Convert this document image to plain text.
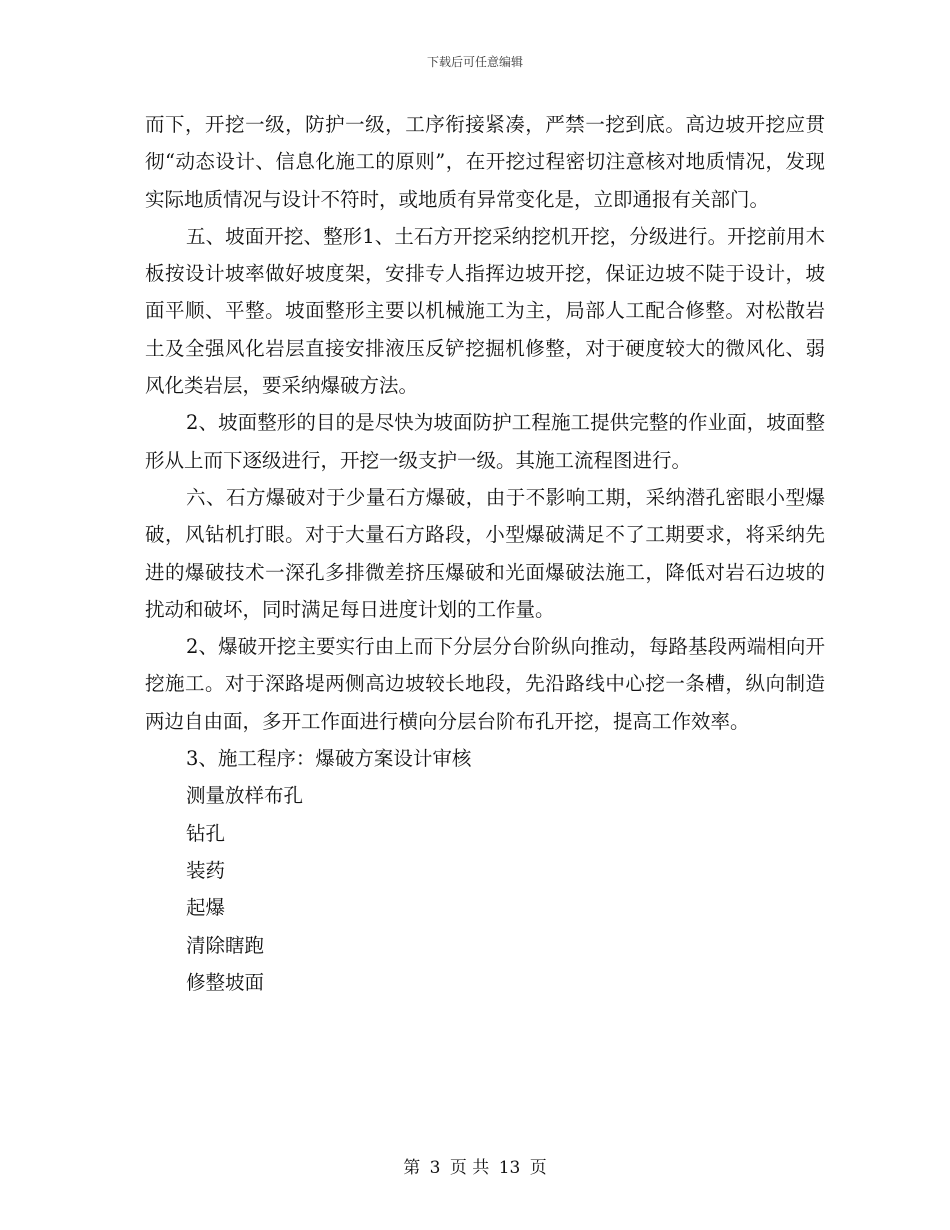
下载后可任意编辑

而下，开挖一级，防护一级，工序衔接紧凑，严禁一挖到底。高边坡开挖应贯彻“动态设计、信息化施工的原则”，在开挖过程密切注意核对地质情况，发现实际地质情况与设计不符时，或地质有异常变化是，立即通报有关部门。

五、坡面开挖、整形1、土石方开挖采纳挖机开挖，分级进行。开挖前用木板按设计坡率做好坡度架，安排专人指挥边坡开挖，保证边坡不陡于设计，坡面平顺、平整。坡面整形主要以机械施工为主，局部人工配合修整。对松散岩土及全强风化岩层直接安排液压反铲挖掘机修整，对于硬度较大的微风化、弱风化类岩层，要采纳爆破方法。

2、坡面整形的目的是尽快为坡面防护工程施工提供完整的作业面，坡面整形从上而下逐级进行，开挖一级支护一级。其施工流程图进行。

六、石方爆破对于少量石方爆破，由于不影响工期，采纳潜孔密眼小型爆破，风钻机打眼。对于大量石方路段，小型爆破满足不了工期要求，将采纳先进的爆破技术一深孔多排微差挤压爆破和光面爆破法施工，降低对岩石边坡的扰动和破坏，同时满足每日进度计划的工作量。

2、爆破开挖主要实行由上而下分层分台阶纵向推动，每路基段两端相向开挖施工。对于深路堤两侧高边坡较长地段，先沿路线中心挖一条槽，纵向制造两边自由面，多开工作面进行横向分层台阶布孔开挖，提高工作效率。

3、施工程序：爆破方案设计审核

测量放样布孔

钻孔

装药

起爆

清除瞎跑

修整坡面

第 3 页 共 13 页
